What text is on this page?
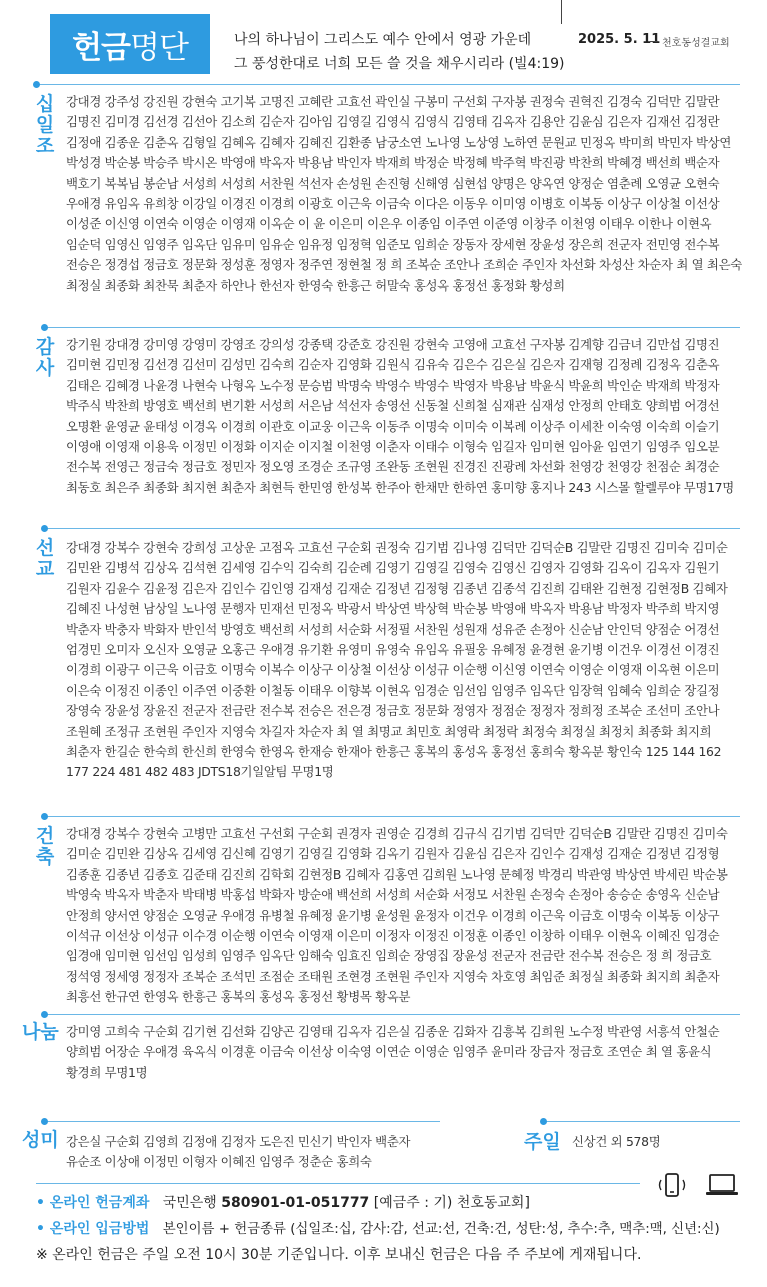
헌금 명단	나의 하나님이 그리스도 예수 안에서 영광 가운데
그 풍성한대로 너희 모든 쓸 것을 채우시리라 (빌4:19)
2025. 5. 11 천호동성결교회
십일조
강대경 강주성 강진원 강현숙 고기복 고명진 고혜란 고효선 곽인실 구봉미 구선회 구자봉 권정숙 권혁진 김경숙 김덕만 김말란 김명진 김미경 김선경 김선아 김소희 김순자 김아임 김영길 김영식 김영식 김영태 김옥자 김용안 김윤심 김은자 김재선 김정란 김정애 김종운 김춘옥 김형일 김혜옥 김혜자 김혜진 김환종 남궁소연 노나영 노상영 노하연 문원교 민정옥 박미희 박민자 박상연 박성경 박순봉 박승주 박시온 박영애 박옥자 박용남 박인자 박재희 박정순 박정혜 박주혁 박진광 박찬희 박혜경 백선희 백순자 백호기 복복님 봉순남 서성희 서성희 서찬원 석선자 손성원 손진형 신해영 심현섭 양명은 양옥연 양정순 염춘례 오영균 오현숙 우애경 유임옥 유희창 이강일 이경진 이경희 이광호 이근욱 이금숙 이다은 이동우 이미영 이병호 이복동 이상구 이상철 이선상 이성준 이신영 이연숙 이영순 이영재 이옥순 이 윤 이은미 이은우 이종임 이주연 이준영 이창주 이천영 이태우 이한나 이현옥 임순덕 임영신 임영주 임옥단 임유미 임유순 임유정 임정혁 임준모 임희순 장동자 장세현 장윤성 장은희 전군자 전민영 전수복 전승은 정경섭 정금호 정문화 정성훈 정영자 정주연 정현철 정 희 조복순 조안나 조희순 주인자 차선화 차성산 차순자 최 열 최은숙 최정실 최종화 최찬묵 최춘자 하안나 한선자 한영숙 한흥근 허말숙 홍성옥 홍정선 홍정화 황성희
감사
강기원 강대경 강미영 강영미 강영조 강의성 강종택 강준호 강진원 강현숙 고영애 고효선 구자봉 김계향 김금녀 김만섭 김명진 김미현 김민정 김선경 김선미 김성민 김숙희 김순자 김영화 김원식 김유숙 김은수 김은실 김은자 김재형 김정례 김정옥 김춘옥 김태은 김혜경 나윤경 나현숙 나형옥 노수정 문승범 박명숙 박영수 박영수 박영자 박용남 박윤식 박윤희 박인순 박재희 박정자 박주식 박찬희 방영호 백선희 변기환 서성희 서은남 석선자 송영선 신동철 신희철 심재관 심재성 안정희 안태호 양희범 어경선 오명환 윤영균 윤태성 이경옥 이경희 이관호 이교웅 이근욱 이동주 이명숙 이미숙 이복례 이상주 이세찬 이숙영 이숙희 이슬기 이영애 이영재 이용욱 이정민 이정화 이지순 이지철 이천영 이춘자 이태수 이형숙 임길자 임미현 임아윤 임연기 임영주 임오분 전수복 전영근 정금숙 정금호 정민자 정오영 조경순 조규영 조완동 조현원 진경진 진광례 차선화 천영강 천영강 천점순 최경순 최동호 최은주 최종화 최지현 최춘자 최현득 한민영 한성복 한주아 한채만 한하연 홍미향 홍지나 243 시스몰 할렐루야 무명17명
선교
강대경 강복수 강현숙 강희성 고상운 고점옥 고효선 구순회 권정숙 김기범 김나영 김덕만 김덕순B 김말란 김명진 김미숙 김미순 김민완 김병석 김상옥 김석현 김세영 김수익 김숙희 김순례 김영기 김영길 김영숙 김영신 김영자 김영화 김옥이 김옥자 김원기 김원자 김윤수 김윤정 김은자 김인수 김인영 김재성 김재순 김정년 김정형 김종년 김종석 김진희 김태완 김현정 김현정B 김혜자 김혜진 나성현 남상일 노나영 문행자 민재선 민정옥 박광서 박상연 박상혁 박순봉 박영애 박옥자 박용남 박정자 박주희 박지영 박춘자 박충자 박화자 반인석 방영호 백선희 서성희 서순화 서정필 서찬원 성원재 성유준 손정아 신순남 안인덕 양점순 어경선 엄경민 오미자 오신자 오영균 오홍근 우애경 유기환 유영미 유영숙 유임옥 유필웅 유혜정 윤경현 윤기병 이건우 이경선 이경진 이경희 이광구 이근욱 이금호 이명숙 이복수 이상구 이상철 이선상 이성규 이순행 이신영 이연숙 이영순 이영재 이옥현 이은미 이은숙 이정진 이종인 이주연 이중환 이철동 이태우 이향복 이현옥 임경순 임선임 임영주 임옥단 임장혁 임혜숙 임희순 장길정 장영숙 장윤성 장윤진 전군자 전금란 전수복 전승은 전은경 정금호 정문화 정영자 정점순 정정자 정희정 조복순 조선미 조안나 조원혜 조정규 조현원 주인자 지영숙 차길자 차순자 최 열 최명교 최민호 최영락 최정락 최정숙 최정실 최정치 최종화 최지희 최춘자 한길순 한숙희 한신희 한영숙 한영옥 한재승 한재아 한흥근 홍복의 홍성옥 홍정선 홍희숙 황옥분 황인숙 125 144 162 177 224 481 482 483 JDTS18기일알팀 무명1명
건축
강대경 강복수 강현숙 고병만 고효선 구선회 구순회 권경자 권영순 김경희 김규식 김기범 김덕만 김덕순B 김말란 김명진 김미숙 김미순 김민완 김상옥 김세영 김신혜 김영기 김영길 김영화 김옥기 김원자 김윤심 김은자 김인수 김재성 김재순 김정년 김정형 김종훈 김종년 김종호 김준태 김진희 김학회 김현정B 김혜자 김홍연 김희원 노나영 문혜정 박경리 박관영 박상연 박세린 박순봉 박영숙 박옥자 박춘자 박태병 박홍섭 박화자 방순애 백선희 서성희 서순화 서정모 서찬원 손정숙 손정아 송승순 송영옥 신순남 안정희 양서연 양점순 오영균 우애경 유병철 유혜정 윤기병 윤성원 윤정자 이건우 이경희 이근욱 이금호 이명숙 이복동 이상구 이석규 이선상 이성규 이수경 이순행 이연숙 이영재 이은미 이정자 이정진 이정훈 이종인 이창하 이태우 이현옥 이혜진 임경순 임경애 임미현 임선임 임성희 임영주 임옥단 임해숙 임효진 임희순 장영집 장윤성 전군자 전금란 전수복 전승은 정 희 정금호 정석영 정세영 정정자 조복순 조석민 조점순 조태원 조현경 조현원 주인자 지영숙 차호영 최임준 최정실 최종화 최지희 최춘자 최흥선 한규연 한영옥 한흥근 홍복의 홍성옥 홍정선 황병목 황옥분
나눔 강미영 고희숙 구순회 김기현 김선화 김양곤 김영태 김옥자 김은실 김종운 김화자 김흥복 김희원 노수정 박관영 서흥석 안철순 양희범 어장순 우애경 육옥식 이경훈 이금숙 이선상 이숙영 이연순 이영순 임영주 윤미라 장금자 정금호 조연순 최 열 홍윤식 황경희 무명1명
성미 강은실 구순회 김영희 김정애 김정자 도은진 민신기 박인자 백춘자
유순조 이상애 이정민 이형자 이혜진 임영주 정춘순 홍희숙
주일 신상건 외 578명
• 온라인 헌금계좌 국민은행 580901-01-051777 [예금주 : 기) 천호동교회]
• 온라인 입금방법 본인이름 + 헌금종류 (십일조:십, 감사:감, 선교:선, 건축:건, 성탄:성, 추수:추, 맥추:맥, 신년:신)
※ 온라인 헌금은 주일 오전 10시 30분 기준입니다. 이후 보내신 헌금은 다음 주 주보에 게재됩니다.
